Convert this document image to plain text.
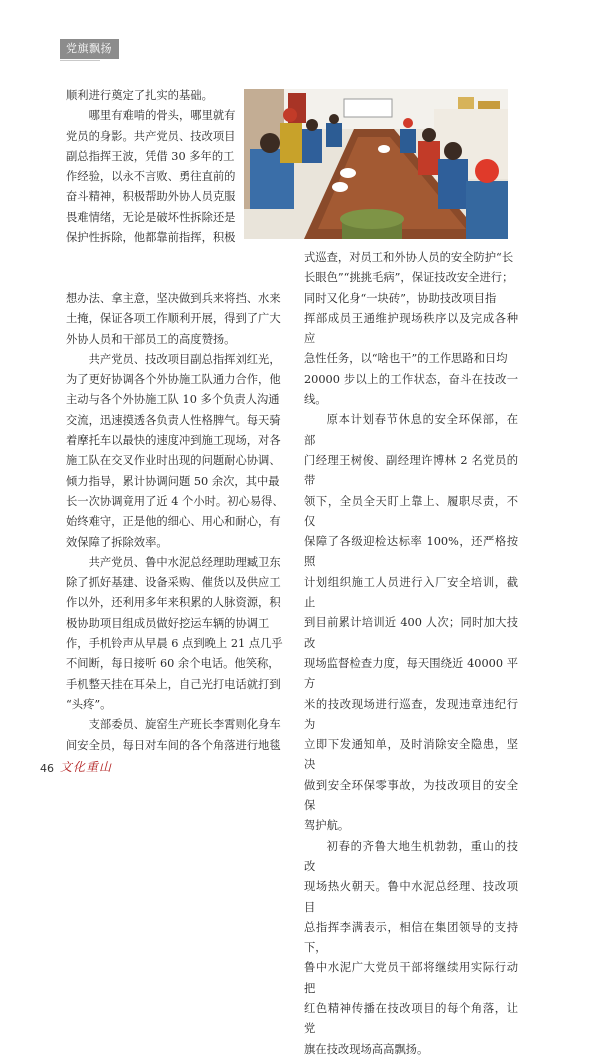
党旗飘扬

顺利进行奠定了扎实的基础。

哪里有难啃的骨头，哪里就有

党员的身影。共产党员、技改项目

副总指挥王波，凭借 30 多年的工

作经验，以永不言败、勇往直前的

奋斗精神，积极帮助外协人员克服

畏难情绪，无论是破坏性拆除还是

保护性拆除，他都靠前指挥，积极

想办法、拿主意，坚决做到兵来将挡、水来

土掩，保证各项工作顺利开展，得到了广大

外协人员和干部员工的高度赞扬。

共产党员、技改项目副总指挥刘红光，

为了更好协调各个外协施工队通力合作，他

主动与各个外协施工队 10 多个负责人沟通

交流，迅速摸透各负责人性格脾气。每天骑

着摩托车以最快的速度冲到施工现场，对各

施工队在交叉作业时出现的问题耐心协调、

倾力指导，累计协调问题 50 余次，其中最

长一次协调竟用了近 4 个小时。初心易得、

始终难守，正是他的细心、用心和耐心，有

效保障了拆除效率。

共产党员、鲁中水泥总经理助理臧卫东

除了抓好基建、设备采购、催货以及供应工

作以外，还利用多年来积累的人脉资源，积

极协助项目组成员做好挖运车辆的协调工

作，手机铃声从早晨 6 点到晚上 21 点几乎

不间断，每日接听 60 余个电话。他笑称，

手机整天挂在耳朵上，自己光打电话就打到

“头疼”。

支部委员、旋窑生产班长李霄则化身车

间安全员，每日对车间的各个角落进行地毯

式巡查，对员工和外协人员的安全防护“长

长眼色”“挑挑毛病”，保证技改安全进行；

同时又化身“一块砖”，协助技改项目指

挥部成员王通维护现场秩序以及完成各种应

急性任务，以“啥也干”的工作思路和日均

20000 步以上的工作状态，奋斗在技改一线。

原本计划春节休息的安全环保部，在部

门经理王树俊、副经理许博林 2 名党员的带

领下，全员全天盯上靠上、履职尽责，不仅

保障了各级迎检达标率 100%，还严格按照

计划组织施工人员进行入厂安全培训，截止

到目前累计培训近 400 人次；同时加大技改

现场监督检查力度，每天围绕近 40000 平方

米的技改现场进行巡查，发现违章违纪行为

立即下发通知单，及时消除安全隐患，坚决

做到安全环保零事故，为技改项目的安全保

驾护航。

初春的齐鲁大地生机勃勃，重山的技改

现场热火朝天。鲁中水泥总经理、技改项目

总指挥李满表示，相信在集团领导的支持下，

鲁中水泥广大党员干部将继续用实际行动把

红色精神传播在技改项目的每个角落，让党

旗在技改现场高高飘扬。

46 文化重山
